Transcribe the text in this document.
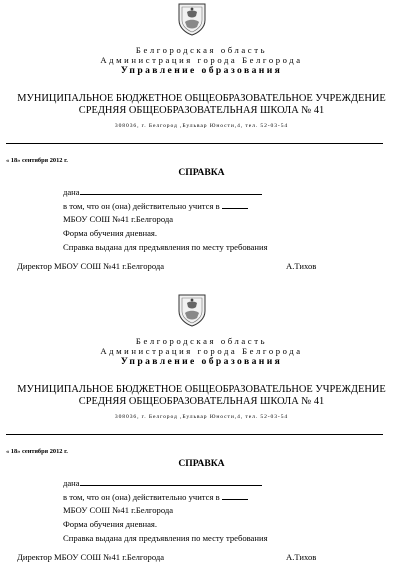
Белгородская область
Администрация города Белгорода
Управление образования
МУНИЦИПАЛЬНОЕ БЮДЖЕТНОЕ ОБЩЕОБРАЗОВАТЕЛЬНОЕ УЧРЕЖДЕНИЕ
СРЕДНЯЯ ОБЩЕОБРАЗОВАТЕЛЬНАЯ ШКОЛА № 41
308036, г. Белгород ,Бульвар Юности,4, тел. 52-03-54
« 18» сентября 2012 г.
СПРАВКА
дана
в том, что он (она) действительно учится в
МБОУ СОШ №41 г.Белгорода
Форма обучения дневная.
Справка выдана для предъявления по месту требования
Директор МБОУ СОШ №41 г.Белгорода	А.Тихов
Белгородская область
Администрация города Белгорода
Управление образования
МУНИЦИПАЛЬНОЕ БЮДЖЕТНОЕ ОБЩЕОБРАЗОВАТЕЛЬНОЕ УЧРЕЖДЕНИЕ
СРЕДНЯЯ ОБЩЕОБРАЗОВАТЕЛЬНАЯ ШКОЛА № 41
308036, г. Белгород ,Бульвар Юности,4, тел. 52-03-54
« 18» сентября 2012 г.
СПРАВКА
дана
в том, что он (она) действительно учится в
МБОУ СОШ №41 г.Белгорода
Форма обучения дневная.
Справка выдана для предъявления по месту требования
Директор МБОУ СОШ №41 г.Белгорода	А.Тихов
